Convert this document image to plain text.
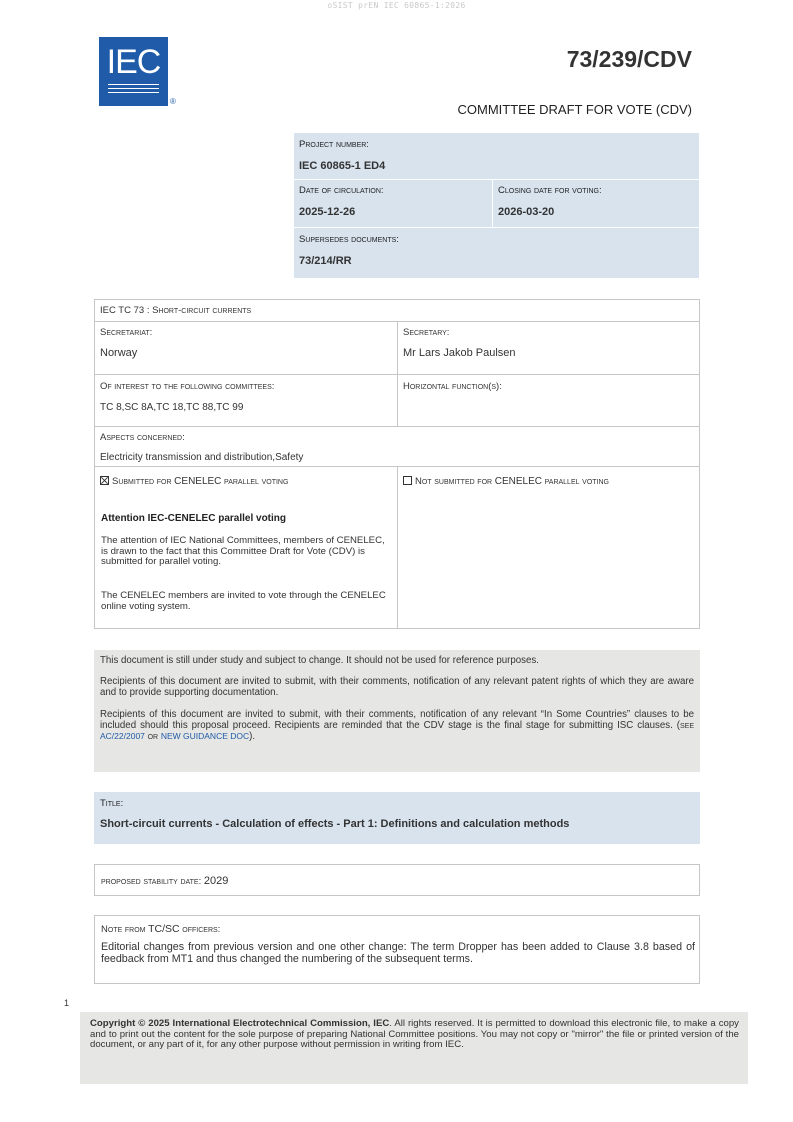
oSIST prEN IEC 60865-1:2026
IEC
®
73/239/CDV
COMMITTEE DRAFT FOR VOTE (CDV)
Project number:
IEC 60865-1 ED4
Date of circulation:
2025-12-26
Closing date for voting:
2026-03-20
Supersedes documents:
73/214/RR
IEC TC 73 : Short-circuit currents
Secretariat:
Norway
Secretary:
Mr Lars Jakob Paulsen
Of interest to the following committees:
TC 8,SC 8A,TC 18,TC 88,TC 99
Horizontal function(s):
Aspects concerned:
Electricity transmission and distribution,Safety
Submitted for CENELEC parallel voting
Attention IEC-CENELEC parallel voting
The attention of IEC National Committees, members of CENELEC, is drawn to the fact that this Committee Draft for Vote (CDV) is submitted for parallel voting.
The CENELEC members are invited to vote through the CENELEC online voting system.
Not submitted for CENELEC parallel voting
This document is still under study and subject to change. It should not be used for reference purposes.
Recipients of this document are invited to submit, with their comments, notification of any relevant patent rights of which they are aware and to provide supporting documentation.
Recipients of this document are invited to submit, with their comments, notification of any relevant “In Some Countries” clauses to be included should this proposal proceed. Recipients are reminded that the CDV stage is the final stage for submitting ISC clauses. (see AC/22/2007 or NEW GUIDANCE DOC).
Title:
Short-circuit currents - Calculation of effects - Part 1: Definitions and calculation methods
proposed stability date: 2029
Note from TC/SC officers:
Editorial changes from previous version and one other change: The term Dropper has been added to Clause 3.8 based of feedback from MT1 and thus changed the numbering of the subsequent terms.
1
Copyright © 2025 International Electrotechnical Commission, IEC. All rights reserved. It is permitted to download this electronic file, to make a copy and to print out the content for the sole purpose of preparing National Committee positions. You may not copy or "mirror" the file or printed version of the document, or any part of it, for any other purpose without permission in writing from IEC.
